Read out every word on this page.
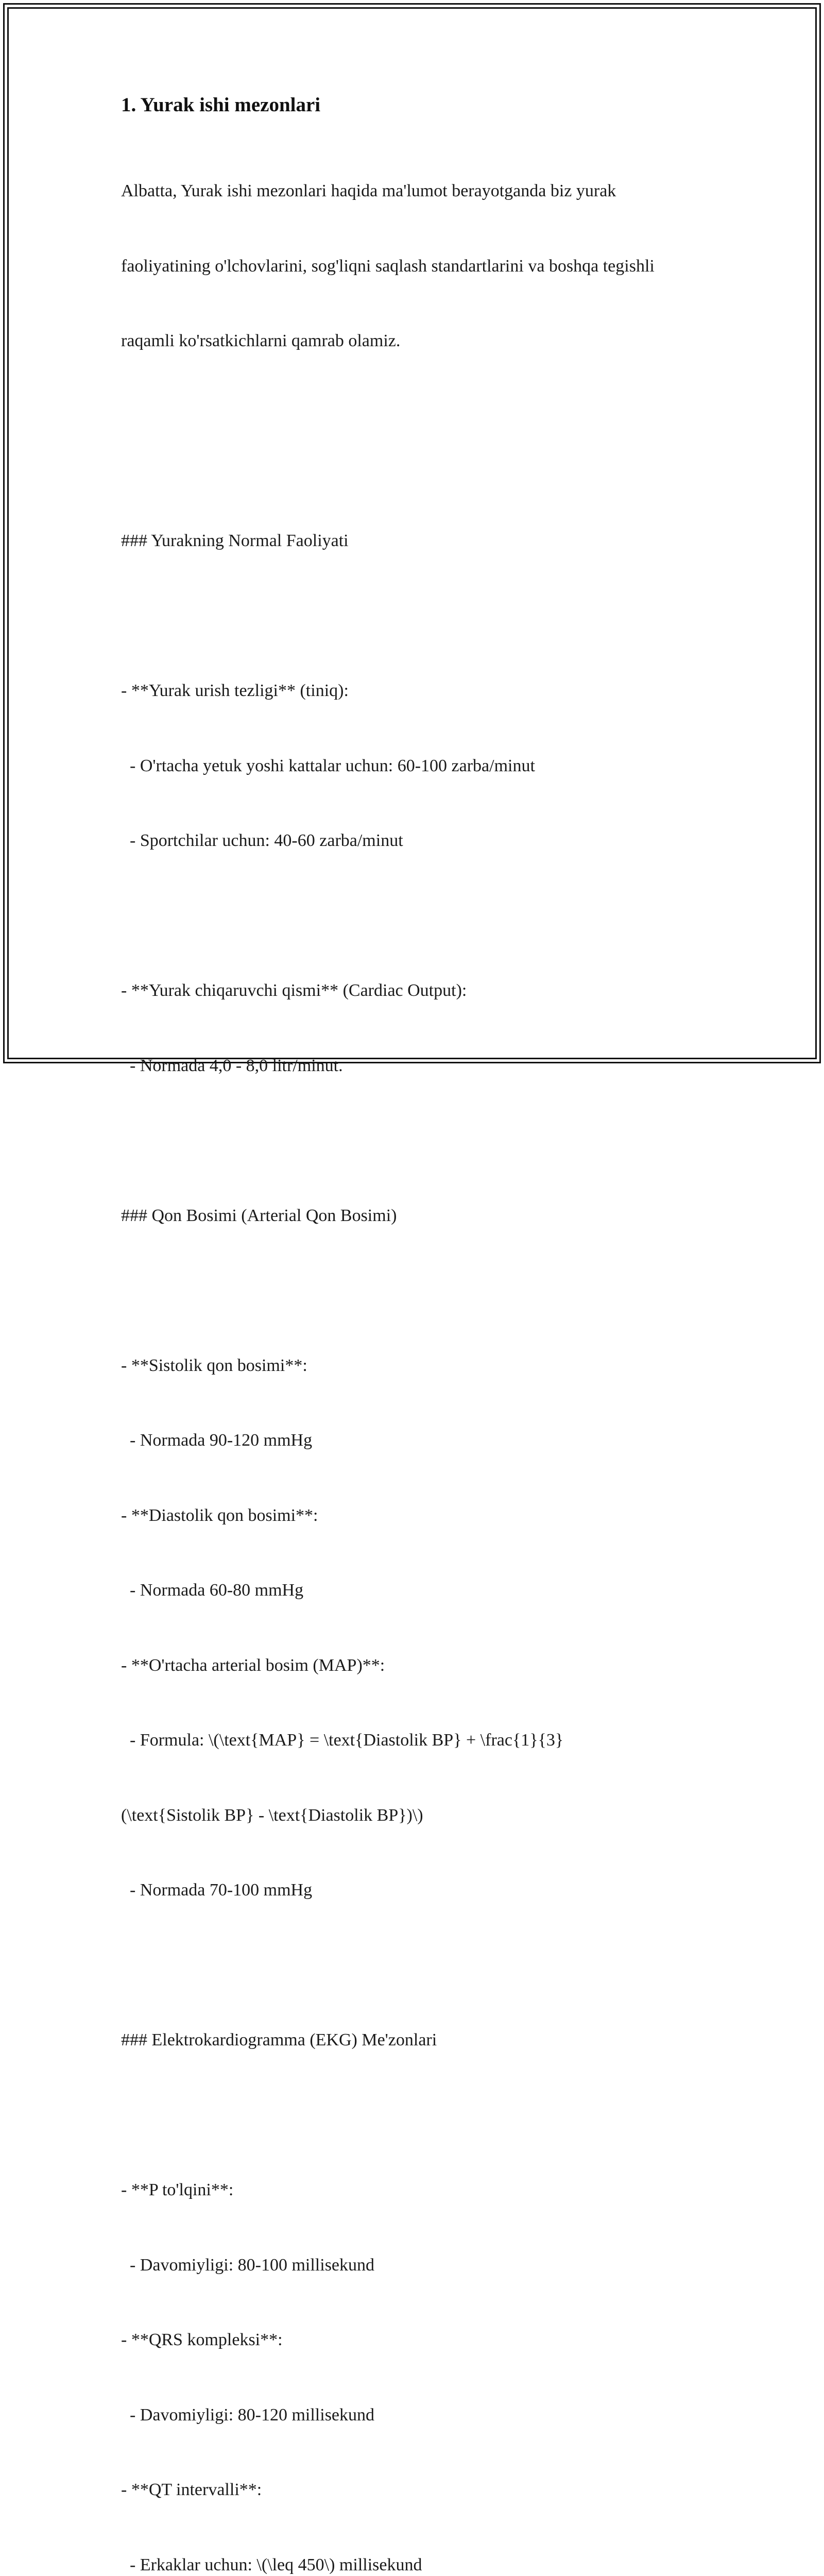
1. Yurak ishi mezonlari

Albatta, Yurak ishi mezonlari haqida ma'lumot berayotganda biz yurak

faoliyatining o'lchovlarini, sog'liqni saqlash standartlarini va boshqa tegishli

raqamli ko'rsatkichlarni qamrab olamiz.

### Yurakning Normal Faoliyati

- **Yurak urish tezligi** (tiniq):

- O'rtacha yetuk yoshi kattalar uchun: 60-100 zarba/minut

- Sportchilar uchun: 40-60 zarba/minut

- **Yurak chiqaruvchi qismi** (Cardiac Output):

- Normada 4,0 - 8,0 litr/minut.

### Qon Bosimi (Arterial Qon Bosimi)

- **Sistolik qon bosimi**:

- Normada 90-120 mmHg

- **Diastolik qon bosimi**:

- Normada 60-80 mmHg

- **O'rtacha arterial bosim (MAP)**:

- Formula: \(\text{MAP} = \text{Diastolik BP} + \frac{1}{3}

(\text{Sistolik BP} - \text{Diastolik BP})\)

- Normada 70-100 mmHg

### Elektrokardiogramma (EKG) Me'zonlari

- **P to'lqini**:

- Davomiyligi: 80-100 millisekund

- **QRS kompleksi**:

- Davomiyligi: 80-120 millisekund

- **QT intervalli**:

- Erkaklar uchun: \(\leq 450\) millisekund
